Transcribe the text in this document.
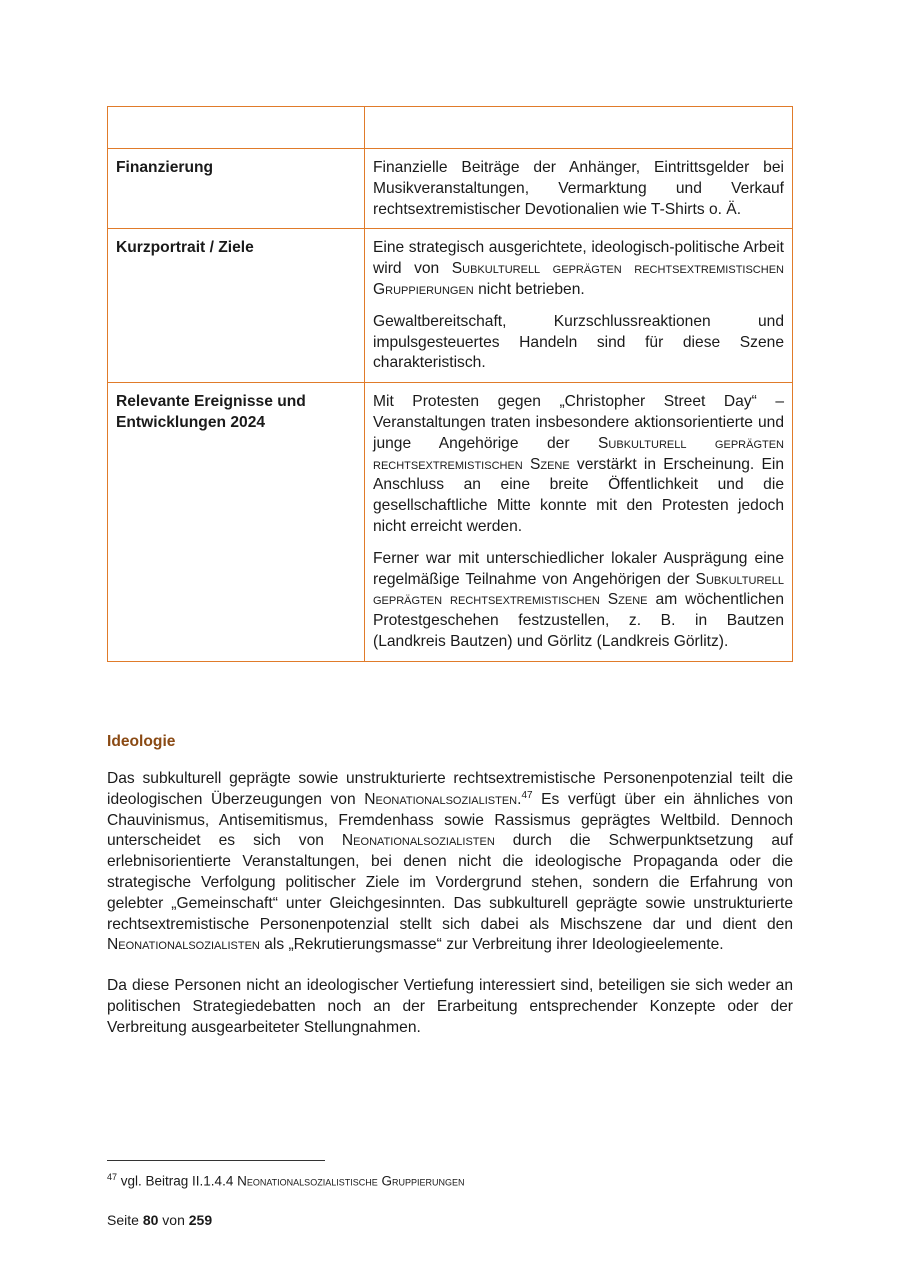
Finanzierung	Finanzielle Beiträge der Anhänger, Eintrittsgelder bei Musikveranstaltungen, Vermarktung und Verkauf rechtsextremistischer Devotionalien wie T-Shirts o. Ä.

Kurzportrait / Ziele	Eine strategisch ausgerichtete, ideologisch-politische Arbeit wird von Subkulturell geprägten rechtsextremistischen Gruppierungen nicht betrieben.

Gewaltbereitschaft, Kurzschlussreaktionen und impulsgesteuertes Handeln sind für diese Szene charakteristisch.

Relevante Ereignisse und Entwicklungen 2024	Mit Protesten gegen „Christopher Street Day“ – Veranstaltungen traten insbesondere aktionsorientierte und junge Angehörige der Subkulturell geprägten rechtsextremistischen Szene verstärkt in Erscheinung. Ein Anschluss an eine breite Öffentlichkeit und die gesellschaftliche Mitte konnte mit den Protesten jedoch nicht erreicht werden.

Ferner war mit unterschiedlicher lokaler Ausprägung eine regelmäßige Teilnahme von Angehörigen der Subkulturell geprägten rechtsextremistischen Szene am wöchentlichen Protestgeschehen festzustellen, z. B. in Bautzen (Landkreis Bautzen) und Görlitz (Landkreis Görlitz).

Ideologie

Das subkulturell geprägte sowie unstrukturierte rechtsextremistische Personenpotenzial teilt die ideologischen Überzeugungen von Neonationalsozialisten.$^{47}$ Es verfügt über ein ähnliches von Chauvinismus, Antisemitismus, Fremdenhass sowie Rassismus geprägtes Weltbild. Dennoch unterscheidet es sich von Neonationalsozialisten durch die Schwerpunktsetzung auf erlebnisorientierte Veranstaltungen, bei denen nicht die ideologische Propaganda oder die strategische Verfolgung politischer Ziele im Vordergrund stehen, sondern die Erfahrung von gelebter „Gemeinschaft“ unter Gleichgesinnten. Das subkulturell geprägte sowie unstrukturierte rechtsextremistische Personenpotenzial stellt sich dabei als Mischszene dar und dient den Neonationalsozialisten als „Rekrutierungsmasse“ zur Verbreitung ihrer Ideologieelemente.

Da diese Personen nicht an ideologischer Vertiefung interessiert sind, beteiligen sie sich weder an politischen Strategiedebatten noch an der Erarbeitung entsprechender Konzepte oder der Verbreitung ausgearbeiteter Stellungnahmen.

$^{47}$ vgl. Beitrag II.1.4.4 Neonationalsozialistische Gruppierungen
Seite 80 von 259
